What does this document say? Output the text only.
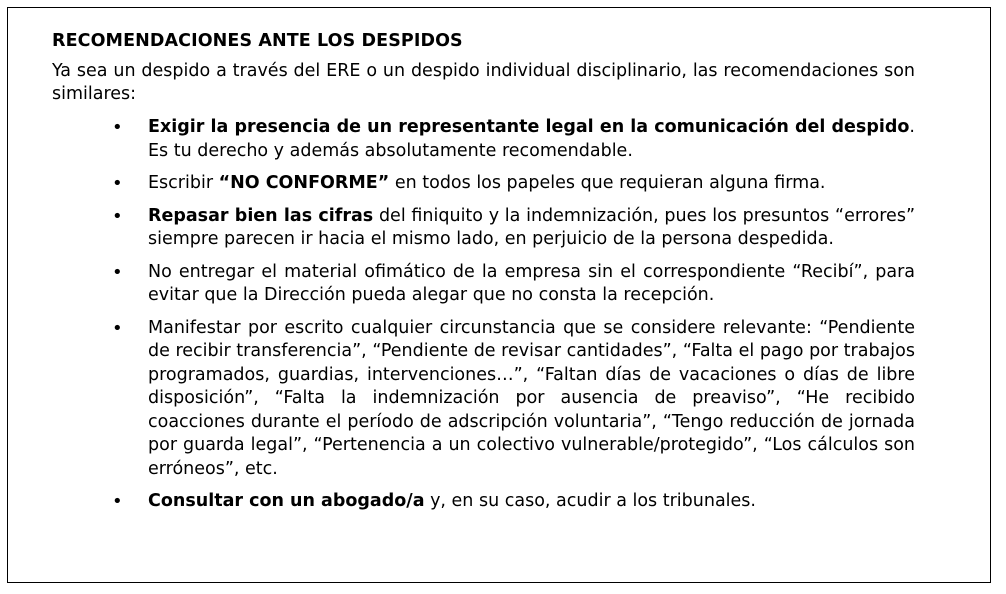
RECOMENDACIONES ANTE LOS DESPIDOS
Ya sea un despido a través del ERE o un despido individual disciplinario, las recomendaciones son similares:
• Exigir la presencia de un representante legal en la comunicación del despido. Es tu derecho y además absolutamente recomendable.
• Escribir “NO CONFORME” en todos los papeles que requieran alguna firma.
• Repasar bien las cifras del finiquito y la indemnización, pues los presuntos “errores” siempre parecen ir hacia el mismo lado, en perjuicio de la persona despedida.
• No entregar el material ofimático de la empresa sin el correspondiente “Recibí”, para evitar que la Dirección pueda alegar que no consta la recepción.
• Manifestar por escrito cualquier circunstancia que se considere relevante: “Pendiente de recibir transferencia”, “Pendiente de revisar cantidades”, “Falta el pago por trabajos programados, guardias, intervenciones…”, “Faltan días de vacaciones o días de libre disposición”, “Falta la indemnización por ausencia de preaviso”, “He recibido coacciones durante el período de adscripción voluntaria”, “Tengo reducción de jornada por guarda legal”, “Pertenencia a un colectivo vulnerable/protegido”, “Los cálculos son erróneos”, etc.
• Consultar con un abogado/a y, en su caso, acudir a los tribunales.
